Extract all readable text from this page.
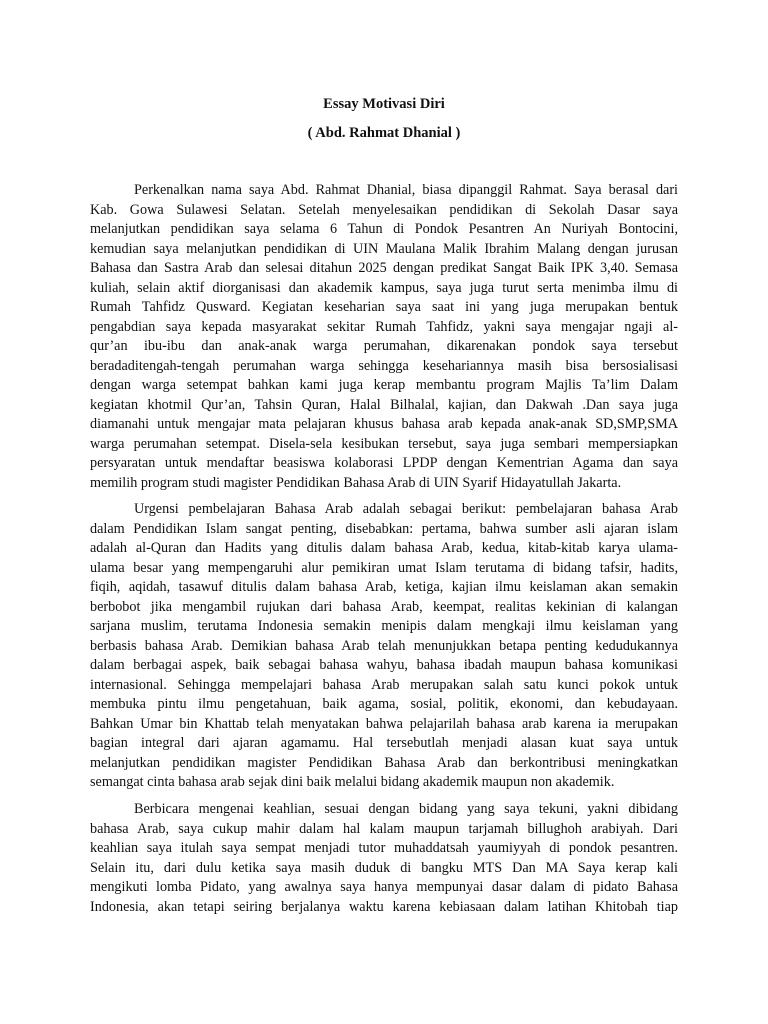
Essay Motivasi Diri
( Abd. Rahmat Dhanial )
Perkenalkan nama saya Abd. Rahmat Dhanial, biasa dipanggil Rahmat. Saya berasal dari
Kab. Gowa Sulawesi Selatan. Setelah menyelesaikan pendidikan di Sekolah Dasar saya
melanjutkan pendidikan saya selama 6 Tahun di Pondok Pesantren An Nuriyah Bontocini,
kemudian saya melanjutkan pendidikan di UIN Maulana Malik Ibrahim Malang dengan jurusan
Bahasa dan Sastra Arab dan selesai ditahun 2025 dengan predikat Sangat Baik IPK 3,40. Semasa
kuliah, selain aktif diorganisasi dan akademik kampus, saya juga turut serta menimba ilmu di
Rumah Tahfidz Qusward. Kegiatan keseharian saya saat ini yang juga merupakan bentuk
pengabdian saya kepada masyarakat sekitar Rumah Tahfidz, yakni saya mengajar ngaji al-
qur’an ibu-ibu dan anak-anak warga perumahan, dikarenakan pondok saya tersebut
beradaditengah-tengah perumahan warga sehingga kesehariannya masih bisa bersosialisasi
dengan warga setempat bahkan kami juga kerap membantu program Majlis Ta’lim Dalam
kegiatan khotmil Qur’an, Tahsin Quran, Halal Bilhalal, kajian, dan Dakwah .Dan saya juga
diamanahi untuk mengajar mata pelajaran khusus bahasa arab kepada anak-anak SD,SMP,SMA
warga perumahan setempat. Disela-sela kesibukan tersebut, saya juga sembari mempersiapkan
persyaratan untuk mendaftar beasiswa kolaborasi LPDP dengan Kementrian Agama dan saya
memilih program studi magister Pendidikan Bahasa Arab di UIN Syarif Hidayatullah Jakarta.
Urgensi pembelajaran Bahasa Arab adalah sebagai berikut: pembelajaran bahasa Arab
dalam Pendidikan Islam sangat penting, disebabkan: pertama, bahwa sumber asli ajaran islam
adalah al-Quran dan Hadits yang ditulis dalam bahasa Arab, kedua, kitab-kitab karya ulama-
ulama besar yang mempengaruhi alur pemikiran umat Islam terutama di bidang tafsir, hadits,
fiqih, aqidah, tasawuf ditulis dalam bahasa Arab, ketiga, kajian ilmu keislaman akan semakin
berbobot jika mengambil rujukan dari bahasa Arab, keempat, realitas kekinian di kalangan
sarjana muslim, terutama Indonesia semakin menipis dalam mengkaji ilmu keislaman yang
berbasis bahasa Arab. Demikian bahasa Arab telah menunjukkan betapa penting kedudukannya
dalam berbagai aspek, baik sebagai bahasa wahyu, bahasa ibadah maupun bahasa komunikasi
internasional. Sehingga mempelajari bahasa Arab merupakan salah satu kunci pokok untuk
membuka pintu ilmu pengetahuan, baik agama, sosial, politik, ekonomi, dan kebudayaan.
Bahkan Umar bin Khattab telah menyatakan bahwa pelajarilah bahasa arab karena ia merupakan
bagian integral dari ajaran agamamu. Hal tersebutlah menjadi alasan kuat saya untuk
melanjutkan pendidikan magister Pendidikan Bahasa Arab dan berkontribusi meningkatkan
semangat cinta bahasa arab sejak dini baik melalui bidang akademik maupun non akademik.
Berbicara mengenai keahlian, sesuai dengan bidang yang saya tekuni, yakni dibidang
bahasa Arab, saya cukup mahir dalam hal kalam maupun tarjamah billughoh arabiyah. Dari
keahlian saya itulah saya sempat menjadi tutor muhaddatsah yaumiyyah di pondok pesantren.
Selain itu, dari dulu ketika saya masih duduk di bangku MTS Dan MA Saya kerap kali
mengikuti lomba Pidato, yang awalnya saya hanya mempunyai dasar dalam di pidato Bahasa
Indonesia, akan tetapi seiring berjalanya waktu karena kebiasaan dalam latihan Khitobah tiap
